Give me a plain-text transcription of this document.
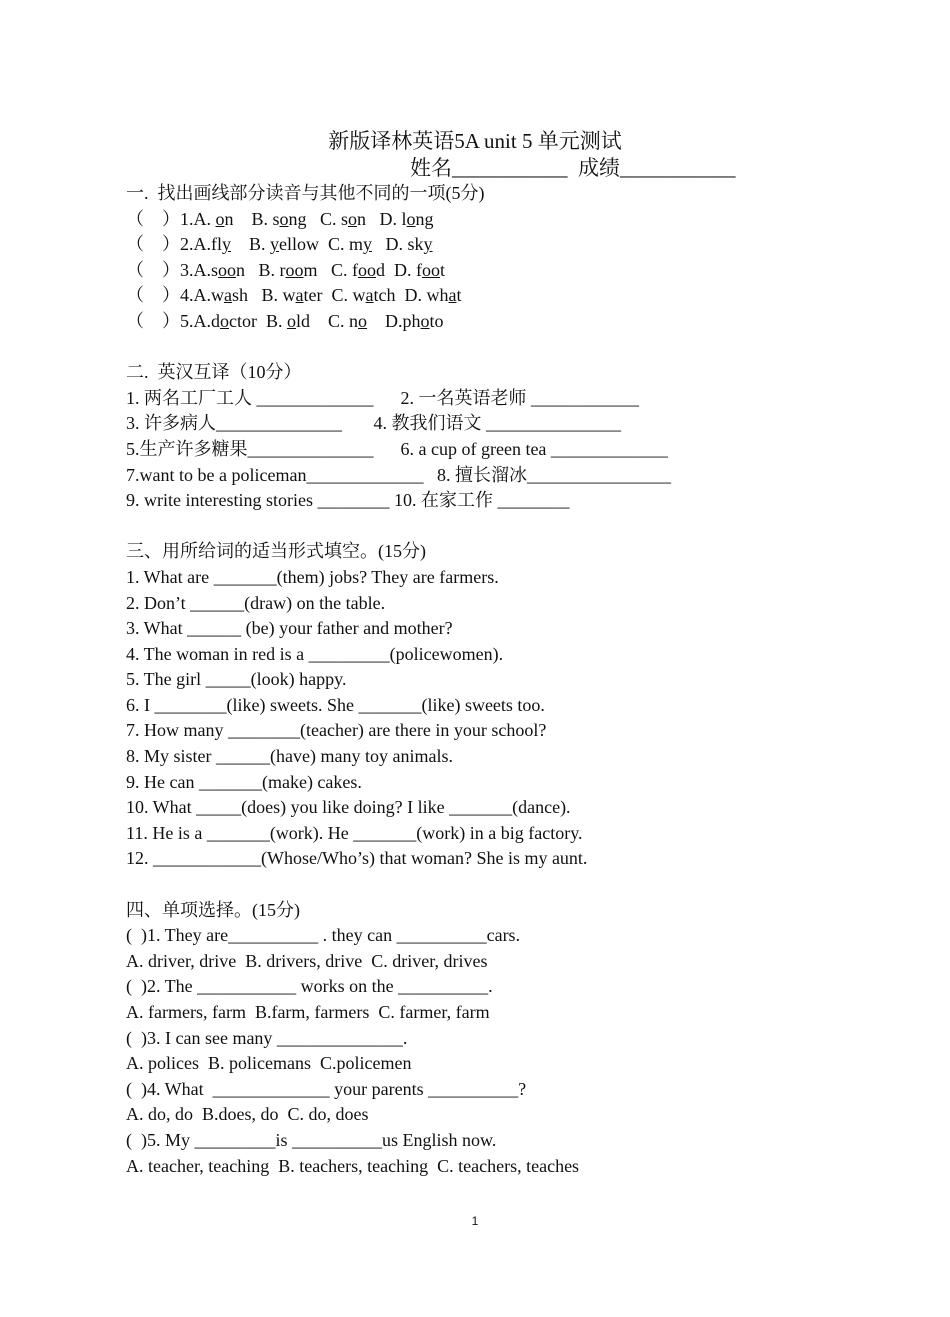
新版译林英语5A unit 5 单元测试
姓名___________ 成绩___________
一.  找出画线部分读音与其他不同的一项(5分)
（ ）1.A. on B. song C. son D. long
（ ）2.A.fly B. yellow C. my D. sky
（ ）3.A.soon B. room C. food D. foot
（ ）4.A.wash B. water C. watch D. what
（ ）5.A.doctor B. old C. no D.photo
二.  英汉互译（10分）
1. 两名工厂工人 _____________      2. 一名英语老师 ____________
3. 许多病人______________       4. 教我们语文 _______________
5.生产许多糖果______________      6. a cup of green tea _____________
7.want to be a policeman_____________   8. 擅长溜冰________________
9. write interesting stories ________ 10. 在家工作 ________
三、用所给词的适当形式填空。(15分)
1. What are _______(them) jobs? They are farmers.
2. Don’t ______(draw) on the table.
3. What ______ (be) your father and mother?
4. The woman in red is a _________(policewomen).
5. The girl _____(look) happy.
6. I ________(like) sweets. She _______(like) sweets too.
7. How many ________(teacher) are there in your school?
8. My sister ______(have) many toy animals.
9. He can _______(make) cakes.
10. What _____(does) you like doing? I like _______(dance).
11. He is a _______(work). He _______(work) in a big factory.
12. ____________(Whose/Who’s) that woman? She is my aunt.
四、单项选择。(15分)
(  )1. They are__________ . they can __________cars.
A. driver, drive  B. drivers, drive  C. driver, drives
(  )2. The ___________ works on the __________.
A. farmers, farm  B.farm, farmers  C. farmer, farm
(  )3. I can see many ______________.
A. polices  B. policemans  C.policemen
(  )4. What  _____________ your parents __________?
A. do, do  B.does, do  C. do, does
(  )5. My _________is __________us English now.
A. teacher, teaching  B. teachers, teaching  C. teachers, teaches
1
